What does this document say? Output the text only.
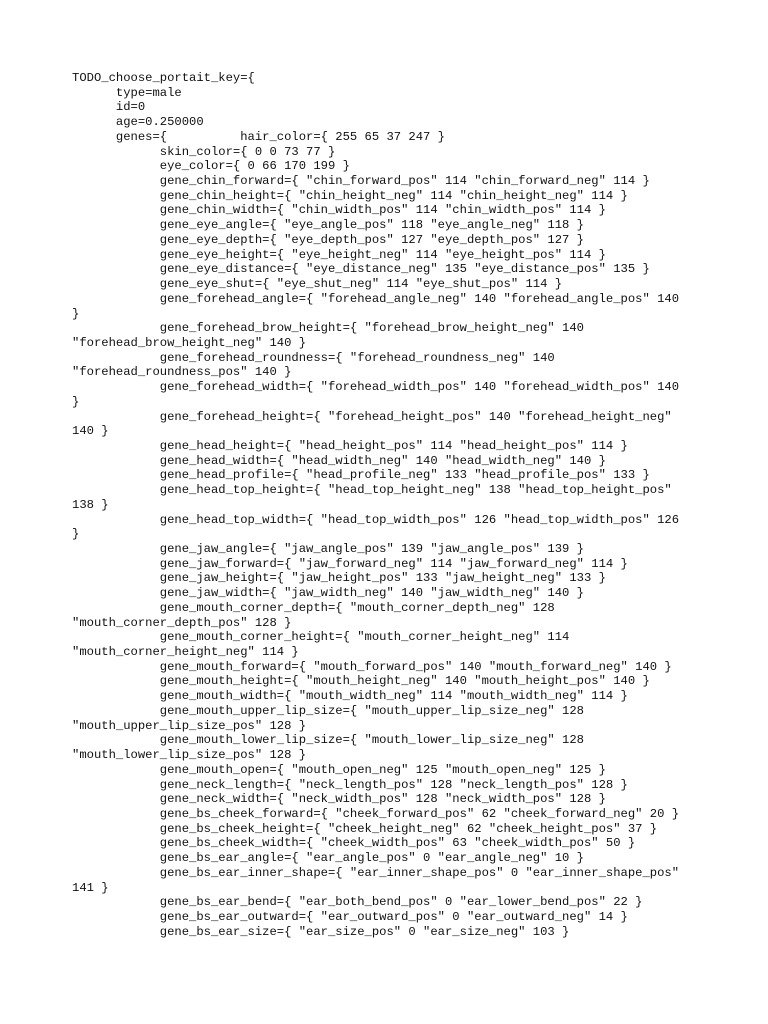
TODO_choose_portait_key={
type=male
id=0
age=0.250000
genes={          hair_color={ 255 65 37 247 }
skin_color={ 0 0 73 77 }
eye_color={ 0 66 170 199 }
gene_chin_forward={ "chin_forward_pos" 114 "chin_forward_neg" 114 }
gene_chin_height={ "chin_height_neg" 114 "chin_height_neg" 114 }
gene_chin_width={ "chin_width_pos" 114 "chin_width_pos" 114 }
gene_eye_angle={ "eye_angle_pos" 118 "eye_angle_neg" 118 }
gene_eye_depth={ "eye_depth_pos" 127 "eye_depth_pos" 127 }
gene_eye_height={ "eye_height_neg" 114 "eye_height_pos" 114 }
gene_eye_distance={ "eye_distance_neg" 135 "eye_distance_pos" 135 }
gene_eye_shut={ "eye_shut_neg" 114 "eye_shut_pos" 114 }
gene_forehead_angle={ "forehead_angle_neg" 140 "forehead_angle_pos" 140
}
gene_forehead_brow_height={ "forehead_brow_height_neg" 140
"forehead_brow_height_neg" 140 }
gene_forehead_roundness={ "forehead_roundness_neg" 140
"forehead_roundness_pos" 140 }
gene_forehead_width={ "forehead_width_pos" 140 "forehead_width_pos" 140
}
gene_forehead_height={ "forehead_height_pos" 140 "forehead_height_neg"
140 }
gene_head_height={ "head_height_pos" 114 "head_height_pos" 114 }
gene_head_width={ "head_width_neg" 140 "head_width_neg" 140 }
gene_head_profile={ "head_profile_neg" 133 "head_profile_pos" 133 }
gene_head_top_height={ "head_top_height_neg" 138 "head_top_height_pos"
138 }
gene_head_top_width={ "head_top_width_pos" 126 "head_top_width_pos" 126
}
gene_jaw_angle={ "jaw_angle_pos" 139 "jaw_angle_pos" 139 }
gene_jaw_forward={ "jaw_forward_neg" 114 "jaw_forward_neg" 114 }
gene_jaw_height={ "jaw_height_pos" 133 "jaw_height_neg" 133 }
gene_jaw_width={ "jaw_width_neg" 140 "jaw_width_neg" 140 }
gene_mouth_corner_depth={ "mouth_corner_depth_neg" 128
"mouth_corner_depth_pos" 128 }
gene_mouth_corner_height={ "mouth_corner_height_neg" 114
"mouth_corner_height_neg" 114 }
gene_mouth_forward={ "mouth_forward_pos" 140 "mouth_forward_neg" 140 }
gene_mouth_height={ "mouth_height_neg" 140 "mouth_height_pos" 140 }
gene_mouth_width={ "mouth_width_neg" 114 "mouth_width_neg" 114 }
gene_mouth_upper_lip_size={ "mouth_upper_lip_size_neg" 128
"mouth_upper_lip_size_pos" 128 }
gene_mouth_lower_lip_size={ "mouth_lower_lip_size_neg" 128
"mouth_lower_lip_size_pos" 128 }
gene_mouth_open={ "mouth_open_neg" 125 "mouth_open_neg" 125 }
gene_neck_length={ "neck_length_pos" 128 "neck_length_pos" 128 }
gene_neck_width={ "neck_width_pos" 128 "neck_width_pos" 128 }
gene_bs_cheek_forward={ "cheek_forward_pos" 62 "cheek_forward_neg" 20 }
gene_bs_cheek_height={ "cheek_height_neg" 62 "cheek_height_pos" 37 }
gene_bs_cheek_width={ "cheek_width_pos" 63 "cheek_width_pos" 50 }
gene_bs_ear_angle={ "ear_angle_pos" 0 "ear_angle_neg" 10 }
gene_bs_ear_inner_shape={ "ear_inner_shape_pos" 0 "ear_inner_shape_pos"
141 }
gene_bs_ear_bend={ "ear_both_bend_pos" 0 "ear_lower_bend_pos" 22 }
gene_bs_ear_outward={ "ear_outward_pos" 0 "ear_outward_neg" 14 }
gene_bs_ear_size={ "ear_size_pos" 0 "ear_size_neg" 103 }
